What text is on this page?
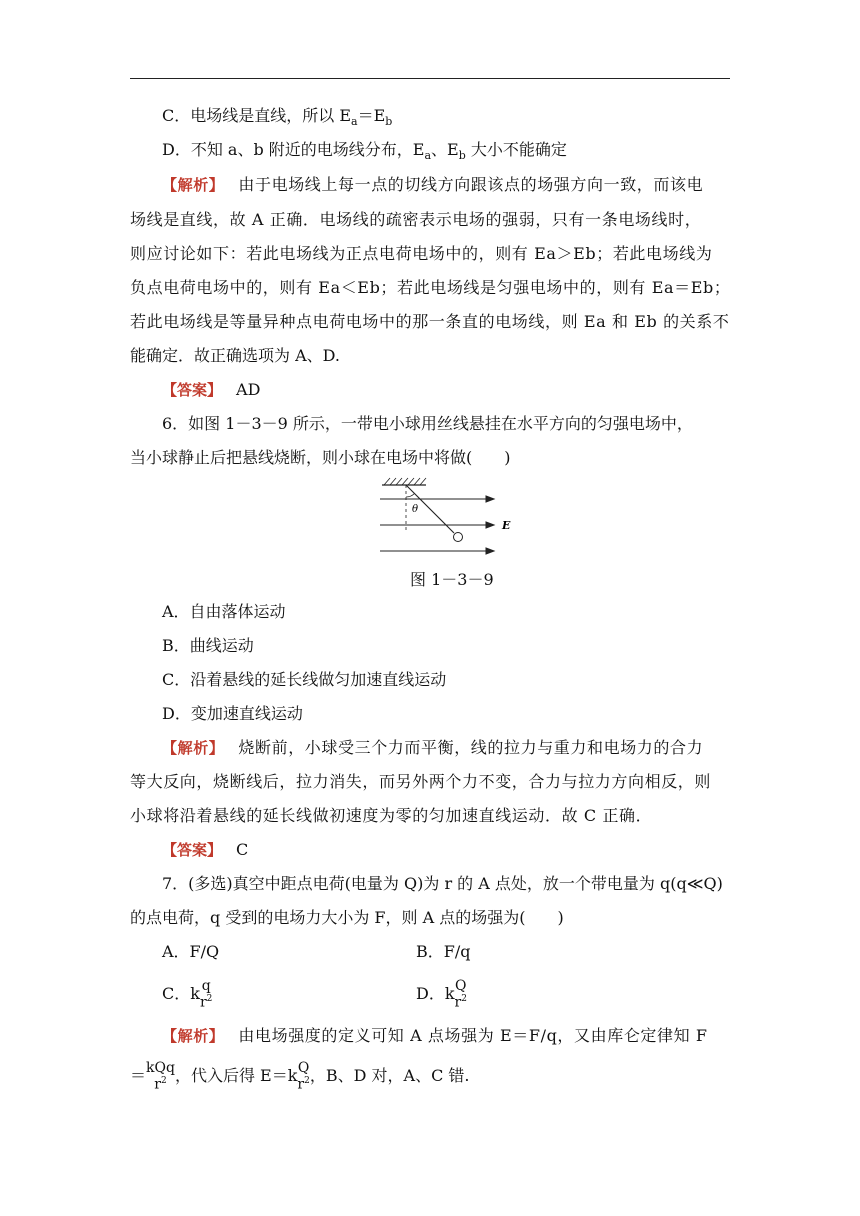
C．电场线是直线，所以 $E_a=E_b$
D．不知 a、b 附近的电场线分布，$E_a$、$E_b$ 大小不能确定
【解析】 由于电场线上每一点的切线方向跟该点的场强方向一致，而该电
场线是直线，故 A 正确．电场线的疏密表示电场的强弱，只有一条电场线时，
则应讨论如下：若此电场线为正点电荷电场中的，则有 Ea＞Eb；若此电场线为
负点电荷电场中的，则有 Ea＜Eb；若此电场线是匀强电场中的，则有 Ea＝Eb；
若此电场线是等量异种点电荷电场中的那一条直的电场线，则 Ea 和 Eb 的关系不
能确定．故正确选项为 A、D.
【答案】 AD
6．如图 1－3－9 所示，一带电小球用丝线悬挂在水平方向的匀强电场中，
当小球静止后把悬线烧断，则小球在电场中将做(　　)
θ
E
图 1－3－9
A．自由落体运动
B．曲线运动
C．沿着悬线的延长线做匀加速直线运动
D．变加速直线运动
【解析】 烧断前，小球受三个力而平衡，线的拉力与重力和电场力的合力
等大反向，烧断线后，拉力消失，而另外两个力不变，合力与拉力方向相反，则
小球将沿着悬线的延长线做初速度为零的匀加速直线运动．故 C 正确．
【答案】 C
7．(多选)真空中距点电荷(电量为 Q)为 r 的 A 点处，放一个带电量为 q(q≪Q)
的点电荷，q 受到的电场力大小为 F，则 A 点的场强为(　　)
A．F/Q	B．F/q
C．k q
$r^2$	D．k Q
$r^2$
【解析】 由电场强度的定义可知 A 点场强为 E＝F/q，又由库仑定律知 F
＝ kQq
$r^2$ ，代入后得 E＝k Q
$r^2$ ，B、D 对，A、C 错.
